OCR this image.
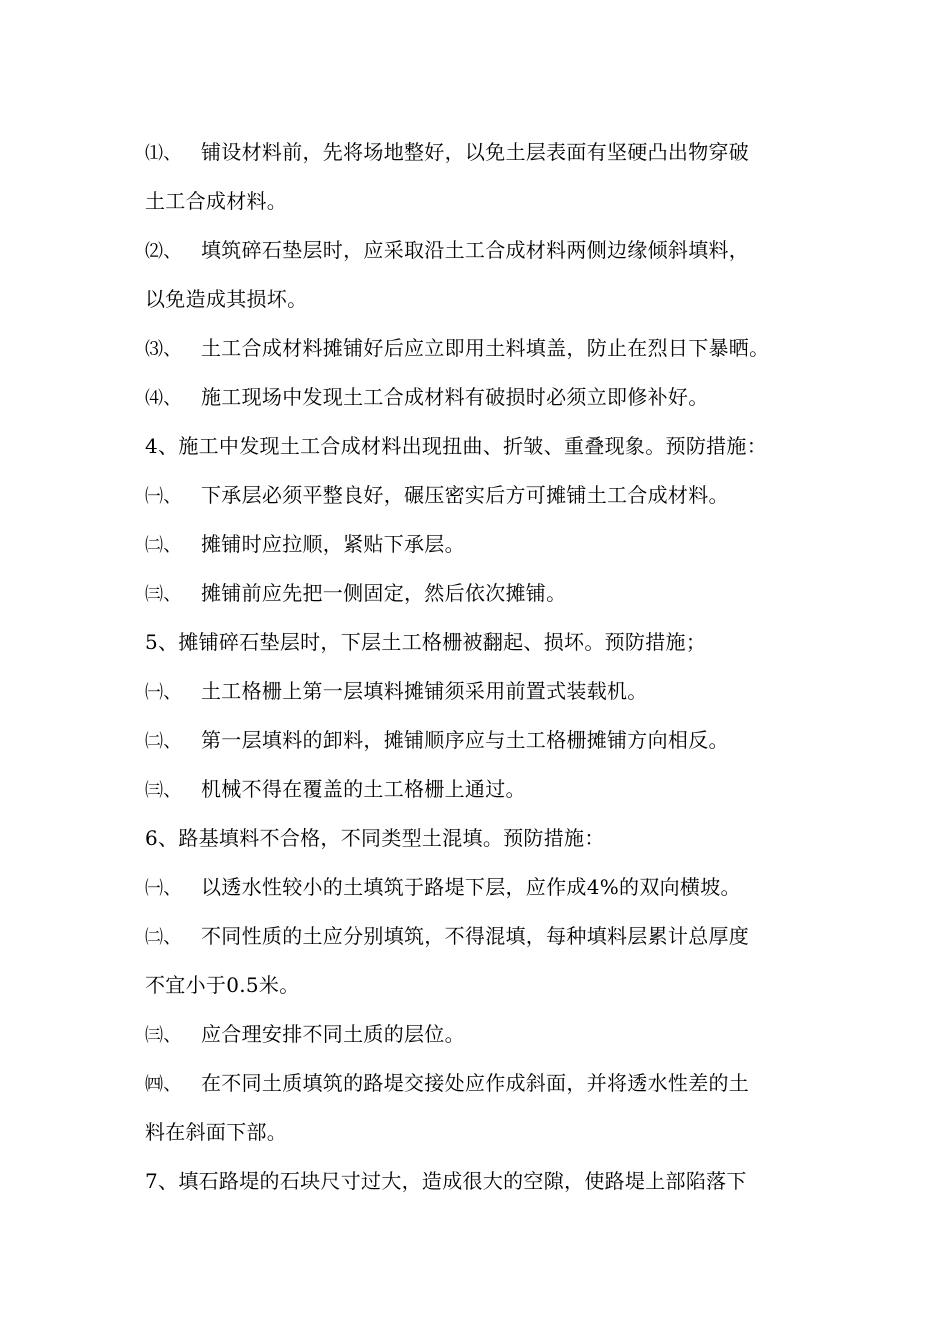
⑴、 铺设材料前，先将场地整好，以免土层表面有坚硬凸出物穿破
土工合成材料。
⑵、 填筑碎石垫层时，应采取沿土工合成材料两侧边缘倾斜填料，
以免造成其损坏。
⑶、 土工合成材料摊铺好后应立即用土料填盖，防止在烈日下暴晒。
⑷、 施工现场中发现土工合成材料有破损时必须立即修补好。
4、施工中发现土工合成材料出现扭曲、折皱、重叠现象。预防措施：
㈠、 下承层必须平整良好，碾压密实后方可摊铺土工合成材料。
㈡、 摊铺时应拉顺，紧贴下承层。
㈢、 摊铺前应先把一侧固定，然后依次摊铺。
5、摊铺碎石垫层时，下层土工格栅被翻起、损坏。预防措施；
㈠、 土工格栅上第一层填料摊铺须采用前置式装载机。
㈡、 第一层填料的卸料，摊铺顺序应与土工格栅摊铺方向相反。
㈢、 机械不得在覆盖的土工格栅上通过。
6、路基填料不合格，不同类型土混填。预防措施：
㈠、 以透水性较小的土填筑于路堤下层，应作成4%的双向横坡。
㈡、 不同性质的土应分别填筑，不得混填，每种填料层累计总厚度
不宜小于0.5米。
㈢、 应合理安排不同土质的层位。
㈣、 在不同土质填筑的路堤交接处应作成斜面，并将透水性差的土
料在斜面下部。
7、填石路堤的石块尺寸过大，造成很大的空隙，使路堤上部陷落下
